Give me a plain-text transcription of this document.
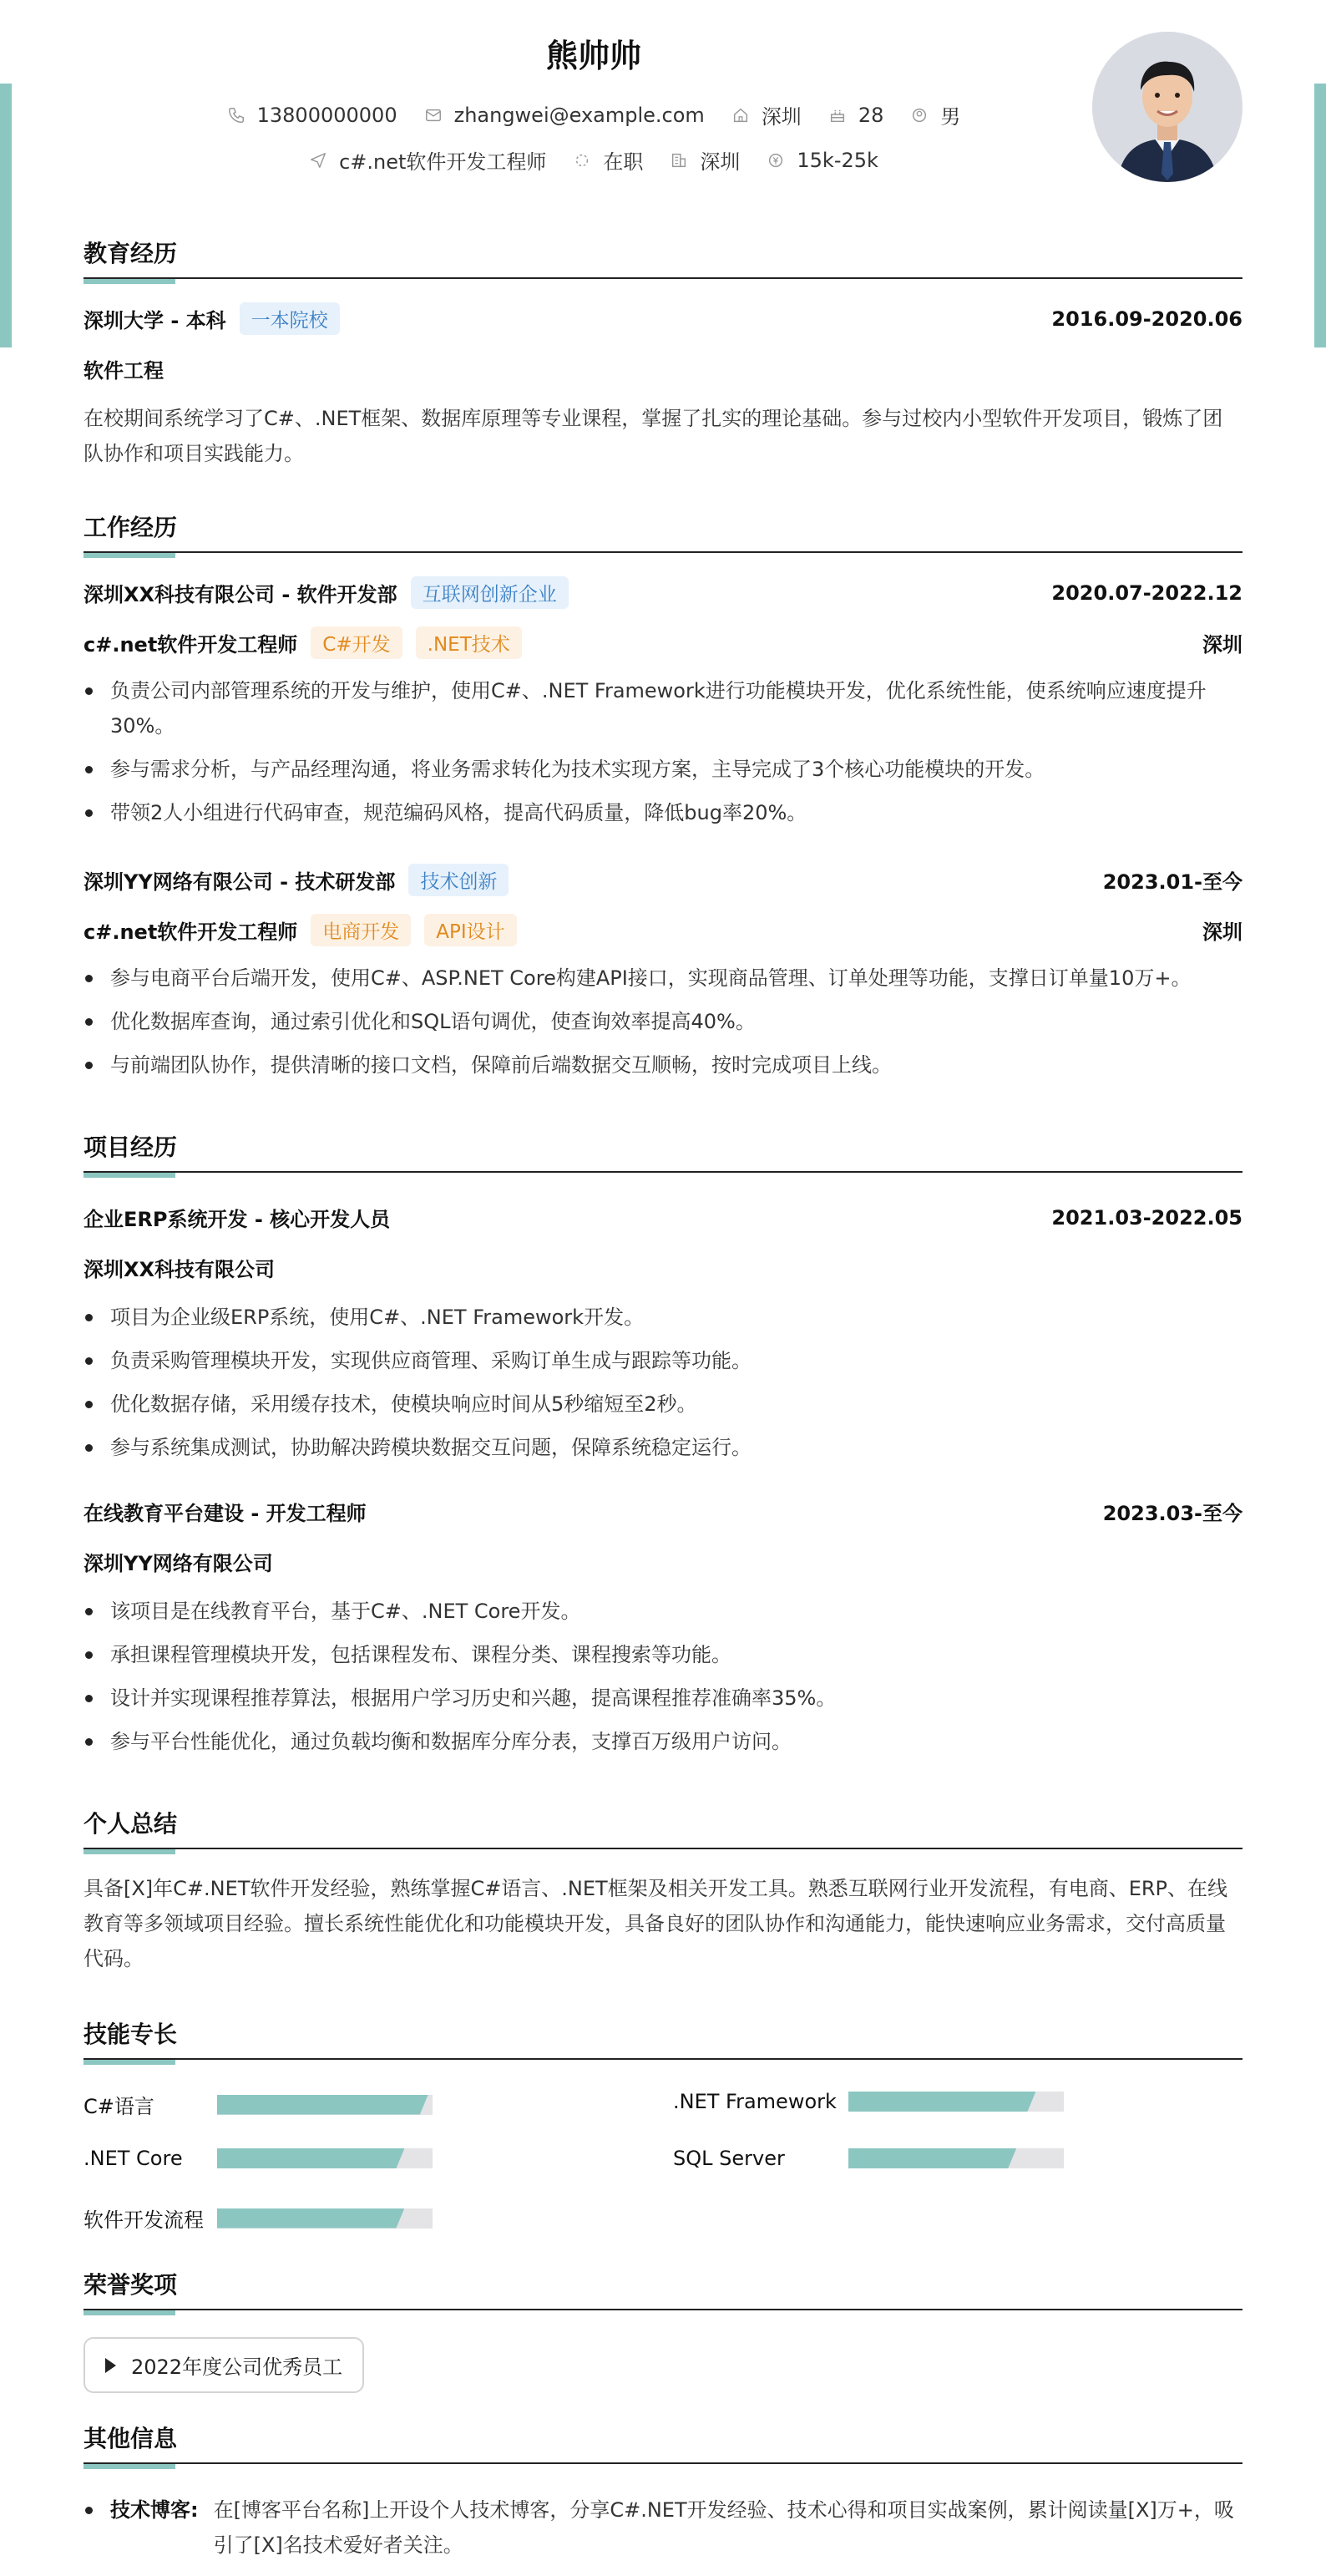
熊帅帅
13800000000	zhangwei@example.com	深圳	28	男
c#.net软件开发工程师	在职	深圳	15k-25k
教育经历
深圳大学 - 本科	一本院校	2016.09-2020.06
软件工程
在校期间系统学习了C#、.NET框架、数据库原理等专业课程，掌握了扎实的理论基础。参与过校内小型软件开发项目，锻炼了团队协作和项目实践能力。
工作经历
深圳XX科技有限公司 - 软件开发部	互联网创新企业	2020.07-2022.12
c#.net软件开发工程师	C#开发	.NET技术	深圳
负责公司内部管理系统的开发与维护，使用C#、.NET Framework进行功能模块开发，优化系统性能，使系统响应速度提升30%。
参与需求分析，与产品经理沟通，将业务需求转化为技术实现方案，主导完成了3个核心功能模块的开发。
带领2人小组进行代码审查，规范编码风格，提高代码质量，降低bug率20%。
深圳YY网络有限公司 - 技术研发部	技术创新	2023.01-至今
c#.net软件开发工程师	电商开发	API设计	深圳
参与电商平台后端开发，使用C#、ASP.NET Core构建API接口，实现商品管理、订单处理等功能，支撑日订单量10万+。
优化数据库查询，通过索引优化和SQL语句调优，使查询效率提高40%。
与前端团队协作，提供清晰的接口文档，保障前后端数据交互顺畅，按时完成项目上线。
项目经历
企业ERP系统开发 - 核心开发人员	2021.03-2022.05
深圳XX科技有限公司
项目为企业级ERP系统，使用C#、.NET Framework开发。
负责采购管理模块开发，实现供应商管理、采购订单生成与跟踪等功能。
优化数据存储，采用缓存技术，使模块响应时间从5秒缩短至2秒。
参与系统集成测试，协助解决跨模块数据交互问题，保障系统稳定运行。
在线教育平台建设 - 开发工程师	2023.03-至今
深圳YY网络有限公司
该项目是在线教育平台，基于C#、.NET Core开发。
承担课程管理模块开发，包括课程发布、课程分类、课程搜索等功能。
设计并实现课程推荐算法，根据用户学习历史和兴趣，提高课程推荐准确率35%。
参与平台性能优化，通过负载均衡和数据库分库分表，支撑百万级用户访问。
个人总结
具备[X]年C#.NET软件开发经验，熟练掌握C#语言、.NET框架及相关开发工具。熟悉互联网行业开发流程，有电商、ERP、在线教育等多领域项目经验。擅长系统性能优化和功能模块开发，具备良好的团队协作和沟通能力，能快速响应业务需求，交付高质量代码。
技能专长
C#语言	.NET Framework
.NET Core	SQL Server
软件开发流程
荣誉奖项
2022年度公司优秀员工
其他信息
技术博客: 在[博客平台名称]上开设个人技术博客，分享C#.NET开发经验、技术心得和项目实战案例，累计阅读量[X]万+，吸引了[X]名技术爱好者关注。
